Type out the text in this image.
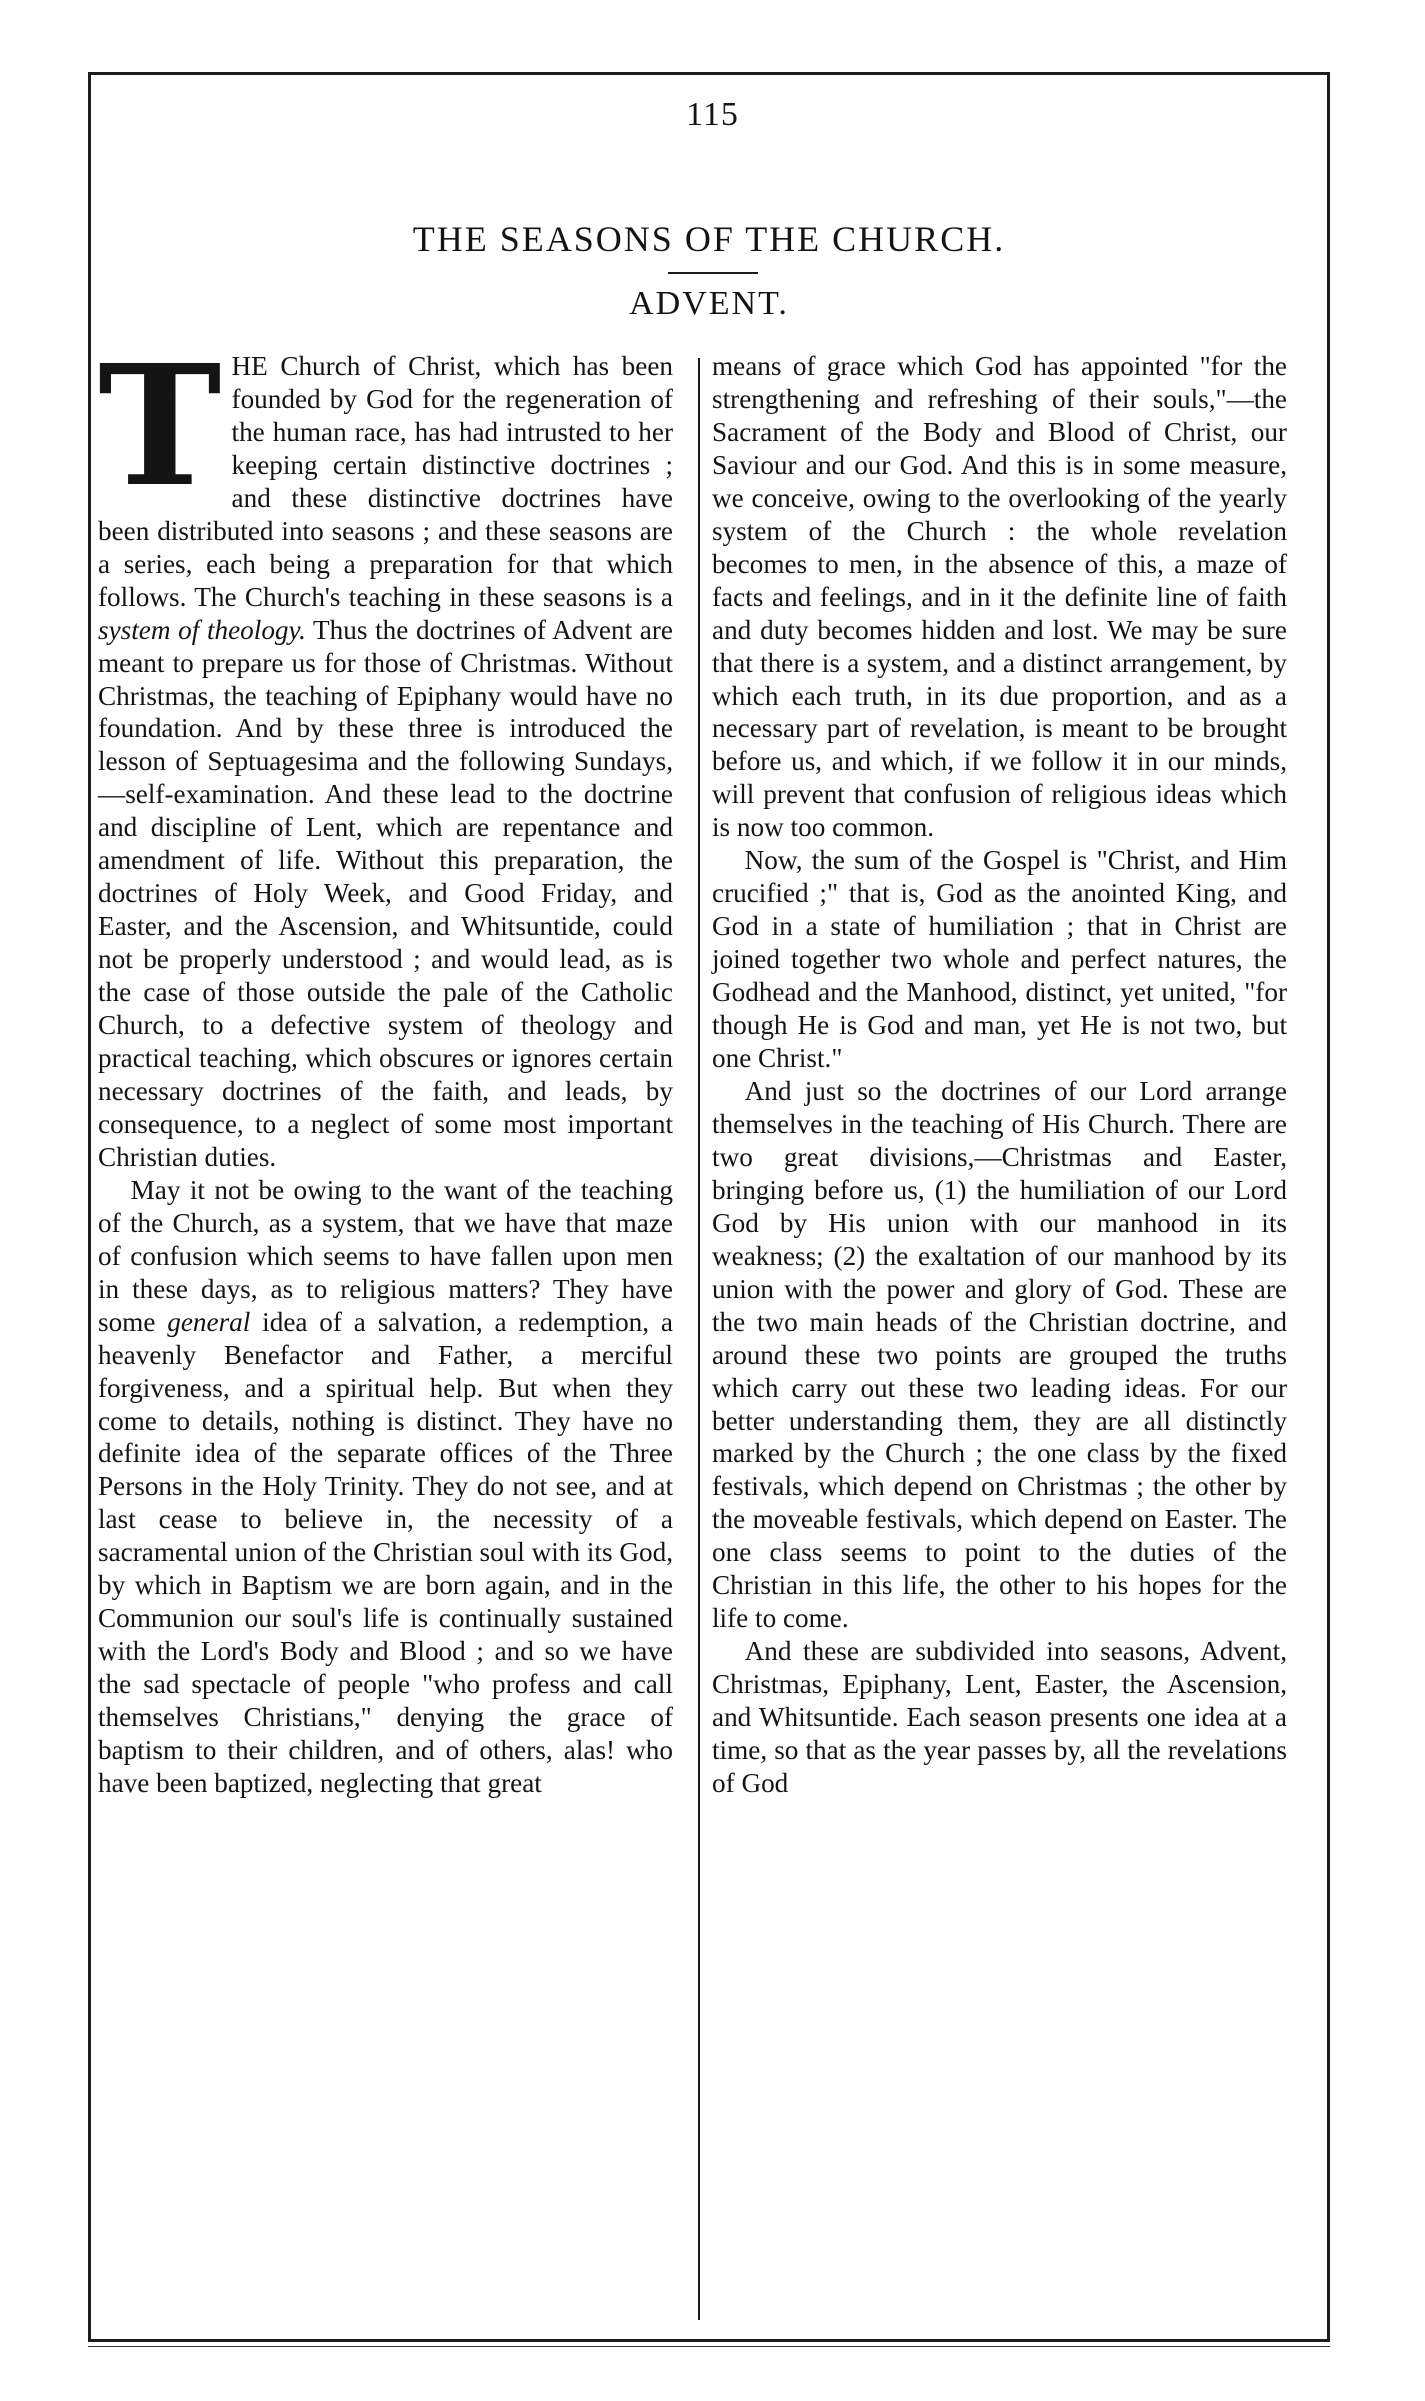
115
THE SEASONS OF THE CHURCH.
ADVENT.

THE Church of Christ, which has been founded by God for the regeneration of the human race, has had intrusted to her keeping certain distinctive doctrines ; and these distinctive doctrines have been distributed into seasons ; and these seasons are a series, each being a preparation for that which follows. The Church's teaching in these seasons is a system of theology. Thus the doctrines of Advent are meant to prepare us for those of Christmas. Without Christmas, the teaching of Epiphany would have no foundation. And by these three is introduced the lesson of Septuagesima and the following Sundays,—self-examination. And these lead to the doctrine and discipline of Lent, which are repentance and amendment of life. Without this preparation, the doctrines of Holy Week, and Good Friday, and Easter, and the Ascension, and Whitsuntide, could not be properly understood ; and would lead, as is the case of those outside the pale of the Catholic Church, to a defective system of theology and practical teaching, which obscures or ignores certain necessary doctrines of the faith, and leads, by consequence, to a neglect of some most important Christian duties.

May it not be owing to the want of the teaching of the Church, as a system, that we have that maze of confusion which seems to have fallen upon men in these days, as to religious matters? They have some general idea of a salvation, a redemption, a heavenly Benefactor and Father, a merciful forgiveness, and a spiritual help. But when they come to details, nothing is distinct. They have no definite idea of the separate offices of the Three Persons in the Holy Trinity. They do not see, and at last cease to believe in, the necessity of a sacramental union of the Christian soul with its God, by which in Baptism we are born again, and in the Communion our soul's life is continually sustained with the Lord's Body and Blood ; and so we have the sad spectacle of people "who profess and call themselves Christians," denying the grace of baptism to their children, and of others, alas! who have been baptized, neglecting that great

means of grace which God has appointed "for the strengthening and refreshing of their souls,"—the Sacrament of the Body and Blood of Christ, our Saviour and our God. And this is in some measure, we conceive, owing to the overlooking of the yearly system of the Church : the whole revelation becomes to men, in the absence of this, a maze of facts and feelings, and in it the definite line of faith and duty becomes hidden and lost. We may be sure that there is a system, and a distinct arrangement, by which each truth, in its due proportion, and as a necessary part of revelation, is meant to be brought before us, and which, if we follow it in our minds, will prevent that confusion of religious ideas which is now too common.

Now, the sum of the Gospel is "Christ, and Him crucified ;" that is, God as the anointed King, and God in a state of humiliation ; that in Christ are joined together two whole and perfect natures, the Godhead and the Manhood, distinct, yet united, "for though He is God and man, yet He is not two, but one Christ."

And just so the doctrines of our Lord arrange themselves in the teaching of His Church. There are two great divisions,—Christmas and Easter, bringing before us, (1) the humiliation of our Lord God by His union with our manhood in its weakness; (2) the exaltation of our manhood by its union with the power and glory of God. These are the two main heads of the Christian doctrine, and around these two points are grouped the truths which carry out these two leading ideas. For our better understanding them, they are all distinctly marked by the Church ; the one class by the fixed festivals, which depend on Christmas ; the other by the moveable festivals, which depend on Easter. The one class seems to point to the duties of the Christian in this life, the other to his hopes for the life to come.

And these are subdivided into seasons, Advent, Christmas, Epiphany, Lent, Easter, the Ascension, and Whitsuntide. Each season presents one idea at a time, so that as the year passes by, all the revelations of God
